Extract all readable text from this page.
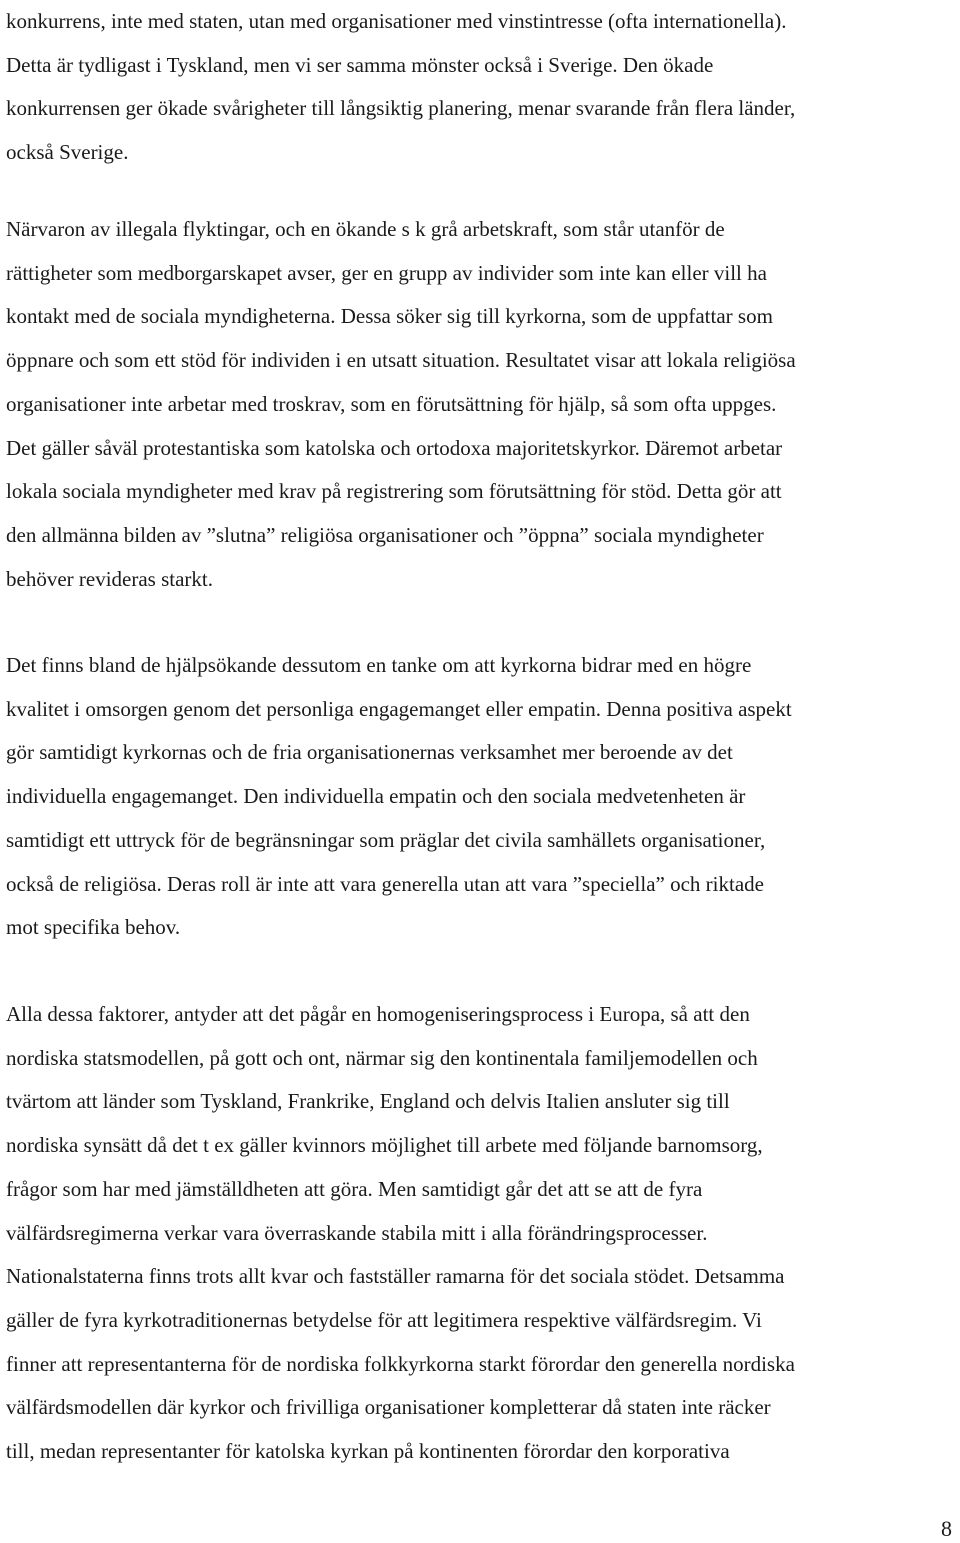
konkurrens, inte med staten, utan med organisationer med vinstintresse (ofta internationella).
Detta är tydligast i Tyskland, men vi ser samma mönster också i Sverige. Den ökade
konkurrensen ger ökade svårigheter till långsiktig planering, menar svarande från flera länder,
också Sverige.

Närvaron av illegala flyktingar, och en ökande s k grå arbetskraft, som står utanför de
rättigheter som medborgarskapet avser, ger en grupp av individer som inte kan eller vill ha
kontakt med de sociala myndigheterna. Dessa söker sig till kyrkorna, som de uppfattar som
öppnare och som ett stöd för individen i en utsatt situation. Resultatet visar att lokala religiösa
organisationer inte arbetar med troskrav, som en förutsättning för hjälp, så som ofta uppges.
Det gäller såväl protestantiska som katolska och ortodoxa majoritetskyrkor. Däremot arbetar
lokala sociala myndigheter med krav på registrering som förutsättning för stöd. Detta gör att
den allmänna bilden av ”slutna” religiösa organisationer och ”öppna” sociala myndigheter
behöver revideras starkt.

Det finns bland de hjälpsökande dessutom en tanke om att kyrkorna bidrar med en högre
kvalitet i omsorgen genom det personliga engagemanget eller empatin. Denna positiva aspekt
gör samtidigt kyrkornas och de fria organisationernas verksamhet mer beroende av det
individuella engagemanget. Den individuella empatin och den sociala medvetenheten är
samtidigt ett uttryck för de begränsningar som präglar det civila samhällets organisationer,
också de religiösa. Deras roll är inte att vara generella utan att vara ”speciella” och riktade
mot specifika behov.

Alla dessa faktorer, antyder att det pågår en homogeniseringsprocess i Europa, så att den
nordiska statsmodellen, på gott och ont, närmar sig den kontinentala familjemodellen och
tvärtom att länder som Tyskland, Frankrike, England och delvis Italien ansluter sig till
nordiska synsätt då det t ex gäller kvinnors möjlighet till arbete med följande barnomsorg,
frågor som har med jämställdheten att göra. Men samtidigt går det att se att de fyra
välfärdsregimerna verkar vara överraskande stabila mitt i alla förändringsprocesser.
Nationalstaterna finns trots allt kvar och fastställer ramarna för det sociala stödet. Detsamma
gäller de fyra kyrkotraditionernas betydelse för att legitimera respektive välfärdsregim. Vi
finner att representanterna för de nordiska folkkyrkorna starkt förordar den generella nordiska
välfärdsmodellen där kyrkor och frivilliga organisationer kompletterar då staten inte räcker
till, medan representanter för katolska kyrkan på kontinenten förordar den korporativa

8
